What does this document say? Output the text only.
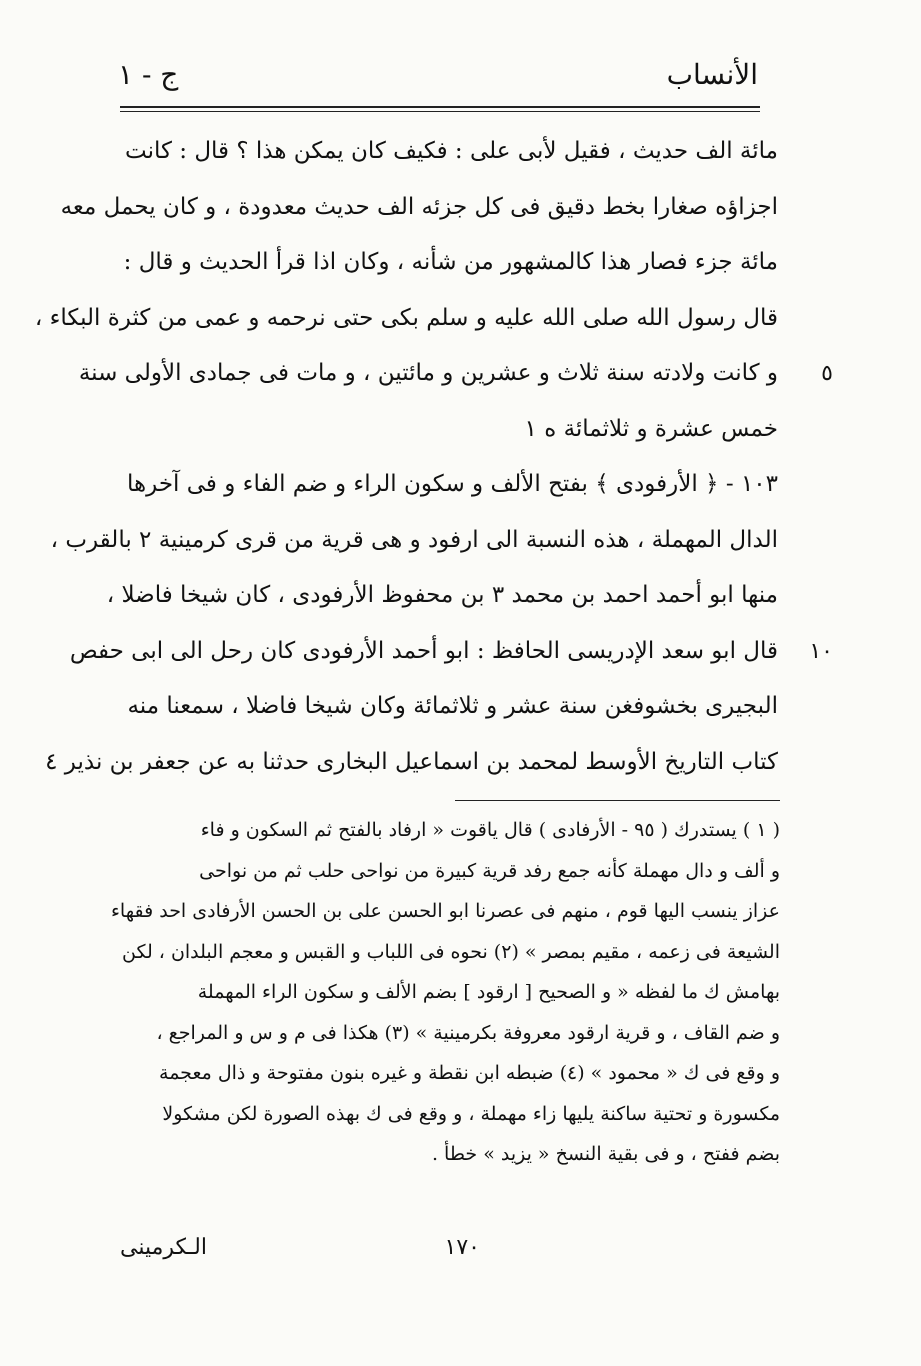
الأنساب
ج - ١
مائة الف حديث ، فقيل لأبى على : فكيف كان يمكن هذا ؟ قال : كانت
اجزاؤه صغارا بخط دقيق فى كل جزئه الف حديث معدودة ، و كان يحمل معه
مائة جزء فصار هذا كالمشهور من شأنه ، وكان اذا قرأ الحديث و قال :
قال رسول الله صلى الله عليه و سلم بكى حتى نرحمه و عمى من كثرة البكاء ،
و كانت ولادته سنة ثلاث و عشرين و مائتين ، و مات فى جمادى الأولى سنة ٥
خمس عشرة و ثلاثمائة ه ١
١٠٣ - ﴿ الأرفودى ﴾ بفتح الألف و سكون الراء و ضم الفاء و فى آخرها
الدال المهملة ، هذه النسبة الى ارفود و هى قرية من قرى كرمينية ٢ بالقرب ،
منها ابو أحمد احمد بن محمد ٣ بن محفوظ الأرفودى ، كان شيخا فاضلا ،
قال ابو سعد الإدريسى الحافظ : ابو أحمد الأرفودى كان رحل الى ابى حفص ١٠
البجيرى بخشوفغن سنة عشر و ثلاثمائة وكان شيخا فاضلا ، سمعنا منه
كتاب التاريخ الأوسط لمحمد بن اسماعيل البخارى حدثنا به عن جعفر بن نذير ٤
( ١ ) يستدرك ( ٩٥ - الأرفادى ) قال ياقوت « ارفاد بالفتح ثم السكون و فاء
و ألف و دال مهملة كأنه جمع رفد قرية كبيرة من نواحى حلب ثم من نواحى
عزاز ينسب اليها قوم ، منهم فى عصرنا ابو الحسن على بن الحسن الأرفادى احد فقهاء
الشيعة فى زعمه ، مقيم بمصر » (٢) نحوه فى اللباب و القبس و معجم البلدان ، لكن
بهامش ك ما لفظه « و الصحيح [ ارقود ] بضم الألف و سكون الراء المهملة
و ضم القاف ، و قرية ارقود معروفة بكرمينية » (٣) هكذا فى م و س و المراجع ،
و وقع فى ك « محمود » (٤) ضبطه ابن نقطة و غيره بنون مفتوحة و ذال معجمة
مكسورة و تحتية ساكنة يليها زاء مهملة ، و وقع فى ك بهذه الصورة لكن مشكولا
بضم ففتح ، و فى بقية النسخ « يزيد » خطأ .
١٧٠
الـكرمينى
